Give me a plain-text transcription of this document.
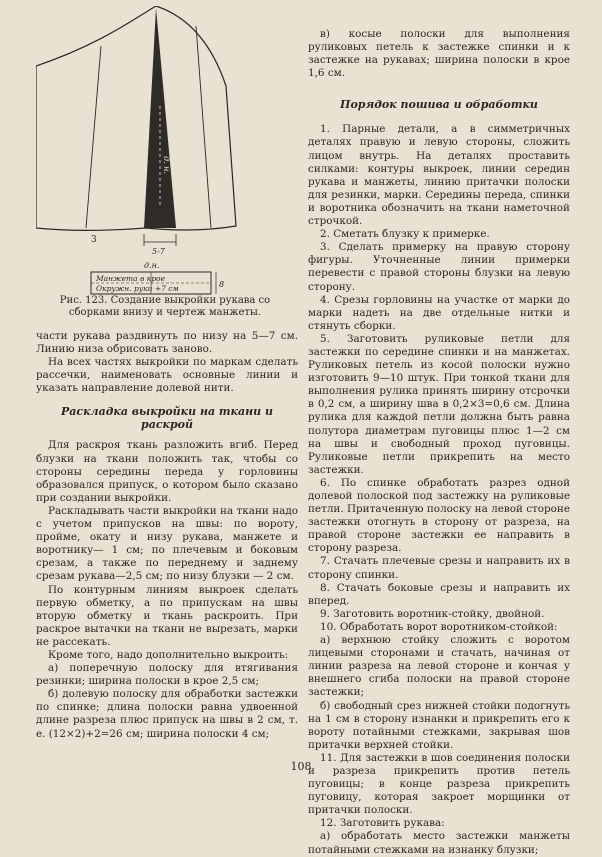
д. н.
5-7
3
д.н.
Манжета в крое
Окружн. руки +7 см	8
Рис. 123. Создание выкройки рукава со
сборками внизу и чертеж манжеты.

части рукава раздвинуть по низу на 5—7 см. Линию низа обрисовать заново.

На всех частях выкройки по маркам сделать рассечки, наименовать основные линии и указать направление долевой нити.

Раскладка выкройки на ткани и раскрой

Для раскроя ткань разложить вгиб. Перед блузки на ткани положить так, чтобы со стороны середины переда у горловины образовался припуск, о котором было сказано при создании выкройки.

Раскладывать части выкройки на ткани надо с учетом припусков на швы: по вороту, пройме, окату и низу рукава, манжете и воротнику— 1 см; по плечевым и боковым срезам, а также по переднему и заднему срезам рукава—2,5 см; по низу блузки — 2 см.

По контурным линиям выкроек сделать первую обметку, а по припускам на швы вторую обметку и ткань раскроить. При раскрое вытачки на ткани не вырезать, марки не рассекать.

Кроме того, надо дополнительно выкроить:

а) поперечную полоску для втягивания резинки; ширина полоски в крое 2,5 см;

б) долевую полоску для обработки застежки по спинке; длина полоски равна удвоенной длине разреза плюс припуск на швы в 2 см, т. е. (12×2)+2=26 см; ширина полоски 4 см;

в) косые полоски для выполнения руликовых петель к застежке спинки и к застежке на рукавах; ширина полоски в крое 1,6 см.

Порядок пошива и обработки

1. Парные детали, а в симметричных деталях правую и левую стороны, сложить лицом внутрь. На деталях проставить силками: контуры выкроек, линии середин рукава и манжеты, линию притачки полоски для резинки, марки. Середины переда, спинки и воротника обозначить на ткани наметочной строчкой.

2. Сметать блузку к примерке.

3. Сделать примерку на правую сторону фигуры. Уточненные линии примерки перевести с правой стороны блузки на левую сторону.

4. Срезы горловины на участке от марки до марки надеть на две отдельные нитки и стянуть сборки.

5. Заготовить руликовые петли для застежки по середине спинки и на манжетах. Руликовых петель из косой полоски нужно изготовить 9—10 штук. При тонкой ткани для выполнения рулика принять ширину отсрочки в 0,2 см, а ширину шва в 0,2×3=0,6 см. Длина рулика для каждой петли должна быть равна полутора диаметрам пуговицы плюс 1—2 см на швы и свободный проход пуговицы. Руликовые петли прикрепить на место застежки.

6. По спинке обработать разрез одной долевой полоской под застежку на руликовые петли. Притаченную полоску на левой стороне застежки отогнуть в сторону от разреза, на правой стороне застежки ее направить в сторону разреза.

7. Стачать плечевые срезы и направить их в сторону спинки.

8. Стачать боковые срезы и направить их вперед.

9. Заготовить воротник-стойку, двойной.

10. Обработать ворот воротником-стойкой:

а) верхнюю стойку сложить с воротом лицевыми сторонами и стачать, начиная от линии разреза на левой стороне и кончая у внешнего сгиба полоски на правой стороне застежки;

б) свободный срез нижней стойки подогнуть на 1 см в сторону изнанки и прикрепить его к вороту потайными стежками, закрывая шов притачки верхней стойки.

11. Для застежки в шов соединения полоски и разреза прикрепить против петель пуговицы; в конце разреза прикрепить пуговицу, которая закроет морщинки от притачки полоски.

12. Заготовить рукава:

а) обработать место застежки манжеты потайными стежками на изнанку блузки;

108
